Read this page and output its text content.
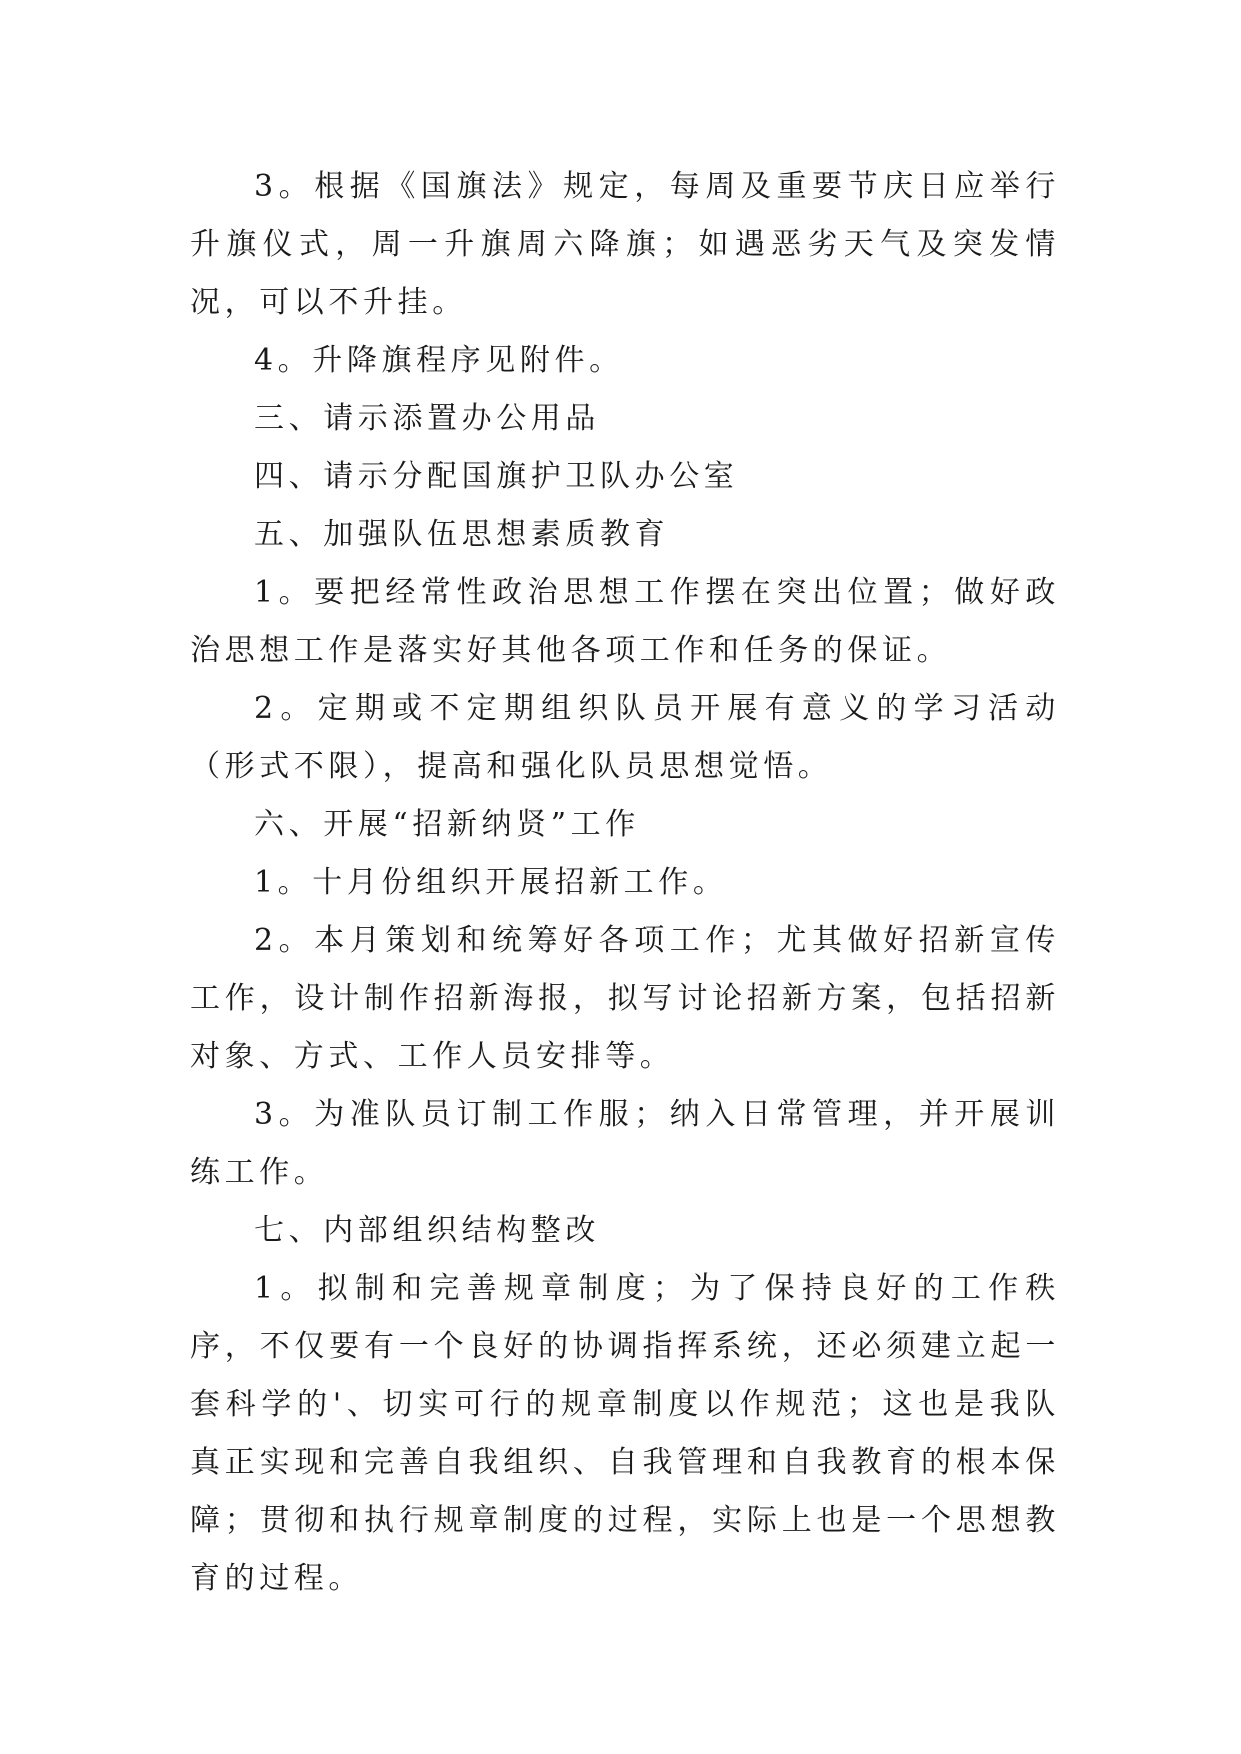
3。根据《国旗法》规定，每周及重要节庆日应举行升旗仪式，周一升旗周六降旗；如遇恶劣天气及突发情况，可以不升挂。

4。升降旗程序见附件。

三、请示添置办公用品

四、请示分配国旗护卫队办公室

五、加强队伍思想素质教育

1。要把经常性政治思想工作摆在突出位置；做好政治思想工作是落实好其他各项工作和任务的保证。

2。定期或不定期组织队员开展有意义的学习活动（形式不限），提高和强化队员思想觉悟。

六、开展“招新纳贤”工作

1。十月份组织开展招新工作。

2。本月策划和统筹好各项工作；尤其做好招新宣传工作，设计制作招新海报，拟写讨论招新方案，包括招新对象、方式、工作人员安排等。

3。为准队员订制工作服；纳入日常管理，并开展训练工作。

七、内部组织结构整改

1。拟制和完善规章制度；为了保持良好的工作秩序，不仅要有一个良好的协调指挥系统，还必须建立起一套科学的'、切实可行的规章制度以作规范；这也是我队真正实现和完善自我组织、自我管理和自我教育的根本保障；贯彻和执行规章制度的过程，实际上也是一个思想教育的过程。
